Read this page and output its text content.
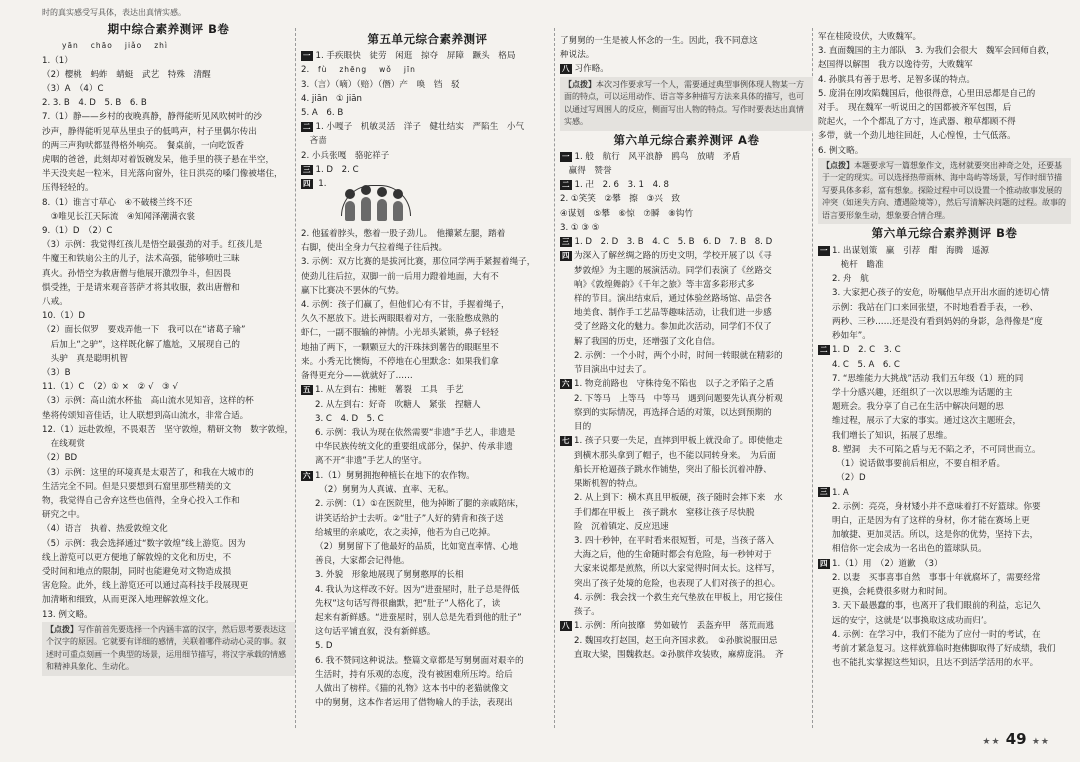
时的真实感受写具体，表达出真情实感。
期中综合素养测评 B卷
yān chāo jiǎo zhì
1.（1）
（2）樱桃　蚂蚱　蜻蜓　武艺　特殊　清醒
（3）A　（4）C
2. 3. B　4. D　5. B　6. B
7.（1）静——乡村的夜晚真静，静得能听见风吹树叶的沙
沙声，静得能听见草丛里虫子的低鸣声，村子里偶尔传出
的两三声狗吠都显得格外响亮。　餐桌前，一向吃饭香
虎咽的爸爸，此刻却对着饭碗发呆，他手里的筷子悬在半空，
半天没夹起一粒米，目光落向窗外，往日洪亮的嗓门像被堵住，
压得轻轻的。
8.（1）谁言寸草心　④不破楼兰终不还
　③唯见长江天际流　④知闻泽潮满衣裳
9.（1）D　（2）C
（3）示例：我觉得红孩儿是悟空最强劲的对手。红孩儿是
牛魔王和铁扇公主的儿子，法术高强，能够喷吐三昧
真火。孙悟空为救唐僧与他展开激烈争斗，但因畏
惧受挫，于是请来观音菩萨才将其收服，救出唐僧和
八戒。
10.（1）D
（2）面长似罗　要戏弄他一下　我可以在“诸葛子瑜”
　后加上“之驴”，这样既化解了尴尬，又展现自己的
　头驴　真是聪明机智
（3）B
11.（1）C　（2）① ×　② √　③ √
（3）示例：高山流水杯盐　高山流水见知音，这样的杯
垫将传颂知音佳话，让人联想到高山流水，非常合适。
12.（1）远赴敦煌，不畏艰苦　坚守敦煌，精研文物　数字敦煌，
　在线观赏
（2）BD
（3）示例：这里的环境真是太艰苦了，和我在大城市的
生活完全不同。但是只要想到石窟里那些精美的文
物，我觉得自己舍弃这些也值得，全身心投入工作和
研究之中。
（4）语言　执着、热爱敦煌文化
（5）示例：我会选择通过“数字敦煌”线上游览。因为
线上游览可以更方便地了解敦煌的文化和历史，不
受时间和地点的限制，同时也能避免对文物造成损
害危险。此外，线上游览还可以通过高科技手段展现更
加清晰和细致，从而更深入地理解敦煌文化。
13. 例文略。
【点拨】写作前首先要选择一个内涵丰富的汉字，然后思考要表达这个汉字的原因。它就要有详细的感情，关联着哪件动动心灵的事。叙述时可重点刻画一个典型的场景，运用细节描写，将汉字承载的情感和精神具象化、生动化。
第五单元综合素养测评
一 1. 手疾眼快　徒劳　闲逛　掠夺　屏障　蹶头　格局
2. fù zhēng wǒ jīn
3.（言）（嘀）（赔）（僭）产　唤　铛　驳
4. jiān　① jiān
5. A　6. B
二 1. 小嘎子　机敏灵活　洋子　健壮结实　严陷生　小气
　吝啬
2. 小兵张嘎　骆驼祥子
三 1. D　2. C
四 1.
2. 他猛着脖头，憋着一股子劲儿。　他攥紧左腿，踏着
右脚，使出全身力气拉着绳子往后拽。
3. 示例：双方比赛的是拔河比赛，那位同学两手紧握着绳子，
使劲儿往后拉，双脚一前一后用力蹬着地面，大有不
赢下比赛决不罢休的气势。
4. 示例：孩子们赢了，但他们心有不甘，手握着绳子，
久久不愿放下。进长两眼眼着对方，一张脸憋成熟的
虾仁，一副不服输的神情。小光昂头紧锁，鼻子轻轻
地抽了两下，一颗颗豆大的汗珠抹到薯告的眼眶里不
来。小秀无比懊悔，不停地在心里默念：如果我们拿
备得更充分——就就好了……
五 1. 从左到右：拂赃　薯裂　工具　手艺
2. 从左到右：好奇　吹糖人　紧张　捏糖人
3. C　4. D　5. C
6. 示例：我认为现在依然需要“非遗”手艺人，非遗是
中华民族传统文化的重要组成部分，保护、传承非遗
离不开“非遗”手艺人的坚守。
六 1.（1）舅舅拥抱种植长在地下的农作物。
　（2）舅舅为人真诚、直率、无私。
2. 示例：（1）①在医院里，他为掉断了腿的亲戚陪床，
讲笑话给护士去听。②“肚子”人好的猜肯和孩子送
给城里的亲戚吃，农之卖掉，他若为自己吃掉。
（2）舅舅留下了他最好的品质，比如宽直率情、心地
善良，大家都会记得他。
3. 外貌　形象地展现了舅舅憨厚的长相
4. 我认为这样改不好。因为“进蚕屋时，肚子总是得低
先权”这句话写得很幽默，把“肚子”人格化了，读
起来有新鲜感。“进蚕屋时，别人总是先看到他的肚子”
这句话平铺直叙，没有新鲜感。
5. D
6. 我不赞同这种说法。整篇文章都是写舅舅面对艰辛的
生活时，持有乐观的态度，没有被困难所压垮。给后
人做出了榜样。《猫的礼物》这本书中的老猫就像文
中的舅舅，这本作者运用了借物喻人的手法，表现出
了舅舅的一生是被人怀念的一生。因此，我不同意这
种说法。
八 习作略。
【点拨】本次习作要求写一个人，需要通过典型事例体现人物某一方面的特点，可以运用动作、语言等多种描写方法来具体的描写，也可以通过写周围人的反应，侧面写出人物的特点。写作时要表达出真情实感。
第六单元综合素养测评 A卷
一 1. 般　航行　风平浪静　鸥鸟　放晴　矛盾
　赢得　赞誉
二 1. 卍　2. 6　3. 1　4. 8
2. ①笑笑　②攀　擦　③兴　致
④谋划　⑤攀　⑥惊　⑦瞬　⑧钩竹
3. ① ③ ⑤
三 1. D　2. D　3. B　4. C　5. B　6. D　7. B　8. D
四 为深入了解丝绸之路的历史文明，学校开展了以《寻
梦敦煌》为主题的展演活动。同学们表演了《丝路交
响》《敦煌舞韵》《千年之旅》等丰富多彩形式多
样的节目。演出结束后，通过体验丝路场馆、品尝各
地美食、制作手工艺品等趣味活动，让我们进一步感
受了丝路文化的魅力。参加此次活动，同学们不仅了
解了我国的历史，还增强了文化自信。
2. 示例：一个小时，两个小时，时间一转眼就在精彩的
节目演出中过去了。
六 1. 物竞前路也　守株待兔不陷也　以子之矛陷子之盾
2. 下等马　上等马　中等马　遇到问题要先认真分析观
察到的实际情况，再选择合适的对策，以达到预期的
目的
七 1. 孩子只要一失足，直摔到甲板上就没命了。即使他走
到横木那头拿到了帽子，也不能以同转身来。　为后面
船长开枪逼孩子跳水作铺垫，突出了船长沉着冲静、
果断机智的特点。
2. 从上到下：横木真且甲板硬，孩子随时会摔下来　水
手们都在甲板上　孩子跳水　窒移让孩子尽快脱
险　沉着镇定、反应迅速
3. 四十秒钟，在平时看来很短暂，可是，当孩子落入
大海之后，他的生命随时都会有危险，每一秒钟对于
大家来说都是煎熬，所以大家觉得时间太长。这样写，
突出了孩子处境的危险，也表现了人们对孩子的担心。
4. 示例：我会找一个救生充气垫放在甲板上，用它接住
孩子。
八 1. 示例：所向披靡　势如破竹　丢盔弃甲　落荒而逃
2. 魏国攻打赵国，赵王向齐国求救。　①孙膑说服田忌
直取大梁，围魏救赵。②孙膑伴攻装败，麻痹庞涓。　齐
军在桂陵设伏，大败魏军。
3. 直面魏国的主力部队　3. 为我们会很大　魏军会回师自救，
赵国得以解围　我方以逸待劳，大败魏军
4. 孙膑具有善于思考、足智多谋的特点。
5. 庞涓在刚攻陷魏国后，他很得意，心里田忌都是自己的
对手。　现在魏军一听说田之的国都被齐军包围，后
院起火，一个个都乱了方寸，连武器、粮草都顾不得
多带，就一个劲儿地往回赶，人心惶惶，士气低落。
6. 例文略。
【点拨】本题要求写一篇想象作文，选材就要突出神奇之处，还要基于一定的现实。可以选择热带雨林、海中岛屿等场景，写作时细节描写要具体多彩，富有想象。探险过程中可以设置一个推动故事发展的冲突（如迷失方向、遭遇险境等），然后写清解决问题的过程。故事的语言要形象生动，想象要合情合理。
第六单元综合素养测评 B卷
一 1. 出谋划策　赢　引荐　酣　海腾　遥源
　桅杆　瞻准
2. 舟　航
3. 大家把心孩子的安危，吩嘱他早点开出水面的迹切心情
示例：我站在门口来回张望，不时地看看手表，一秒、
两秒、三秒……还是没有看到妈妈的身影，急得像是“度
秒如年”。
二 1. D　2. C　3. C
4. C　5. A　6. C
7. “思维能力大挑战”活动 我们五年级（1）班的同
学十分感兴趣，还组织了一次以思维为话题的主
题班会。我分享了自己在生活中解决问题的思
维过程，展示了大家的事实。通过这次主题班会，
我们增长了知识，拓展了思维。
8. 塑洞　夫不可陷之盾与无不陷之矛，不可同世而立。
　（1）说话做事要前后相应，不要自相矛盾。
　（2）D
三 1. A
2. 示例：亮亮，身材矮小并不意味着打不好篮球。你要
明白，正是因为有了这样的身材，你才能在赛场上更
加敏捷、更加灵活。所以，这是你的优势，坚持下去，
相信你一定会成为一名出色的篮球队员。
四 1.（1）用　（2）道歉　（3）
2. 以妻　买事喜事自然　事事十年就腐坏了，需要经常
更换，会耗费很多财力和时间。
3. 天下最愚蠢的事，也离开了我们眼前的利益，忘记久
远的安宁，这就是‘以事换取这成功而归’。
4. 示例：在学习中，我们不能为了应付一时的考试，在
考前才紧急复习。这样就算临时抱佛脚取得了好成绩，我们
也不能扎实掌握这些知识，且达不到活学活用的水平。
★★ 49 ★★
